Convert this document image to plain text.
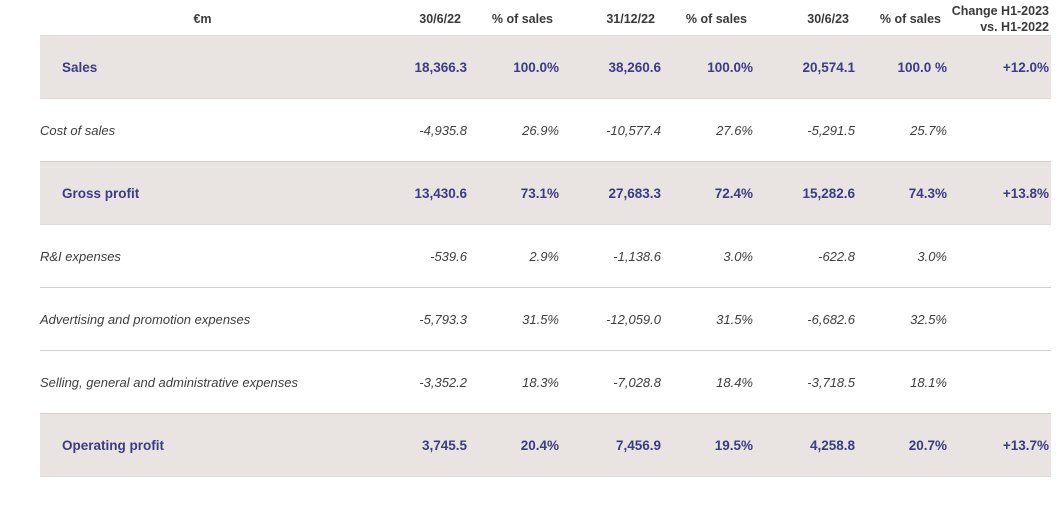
€m	30/6/22	% of sales	31/12/22	% of sales	30/6/23	% of sales	Change H1-2023
vs. H1-2022
Sales	18,366.3	100.0%	38,260.6	100.0%	20,574.1	100.0 %	+12.0%
Cost of sales	-4,935.8	26.9%	-10,577.4	27.6%	-5,291.5	25.7%	
Gross profit	13,430.6	73.1%	27,683.3	72.4%	15,282.6	74.3%	+13.8%
R&I expenses	-539.6	2.9%	-1,138.6	3.0%	-622.8	3.0%	
Advertising and promotion expenses	-5,793.3	31.5%	-12,059.0	31.5%	-6,682.6	32.5%	
Selling, general and administrative expenses	-3,352.2	18.3%	-7,028.8	18.4%	-3,718.5	18.1%	
Operating profit	3,745.5	20.4%	7,456.9	19.5%	4,258.8	20.7%	+13.7%
